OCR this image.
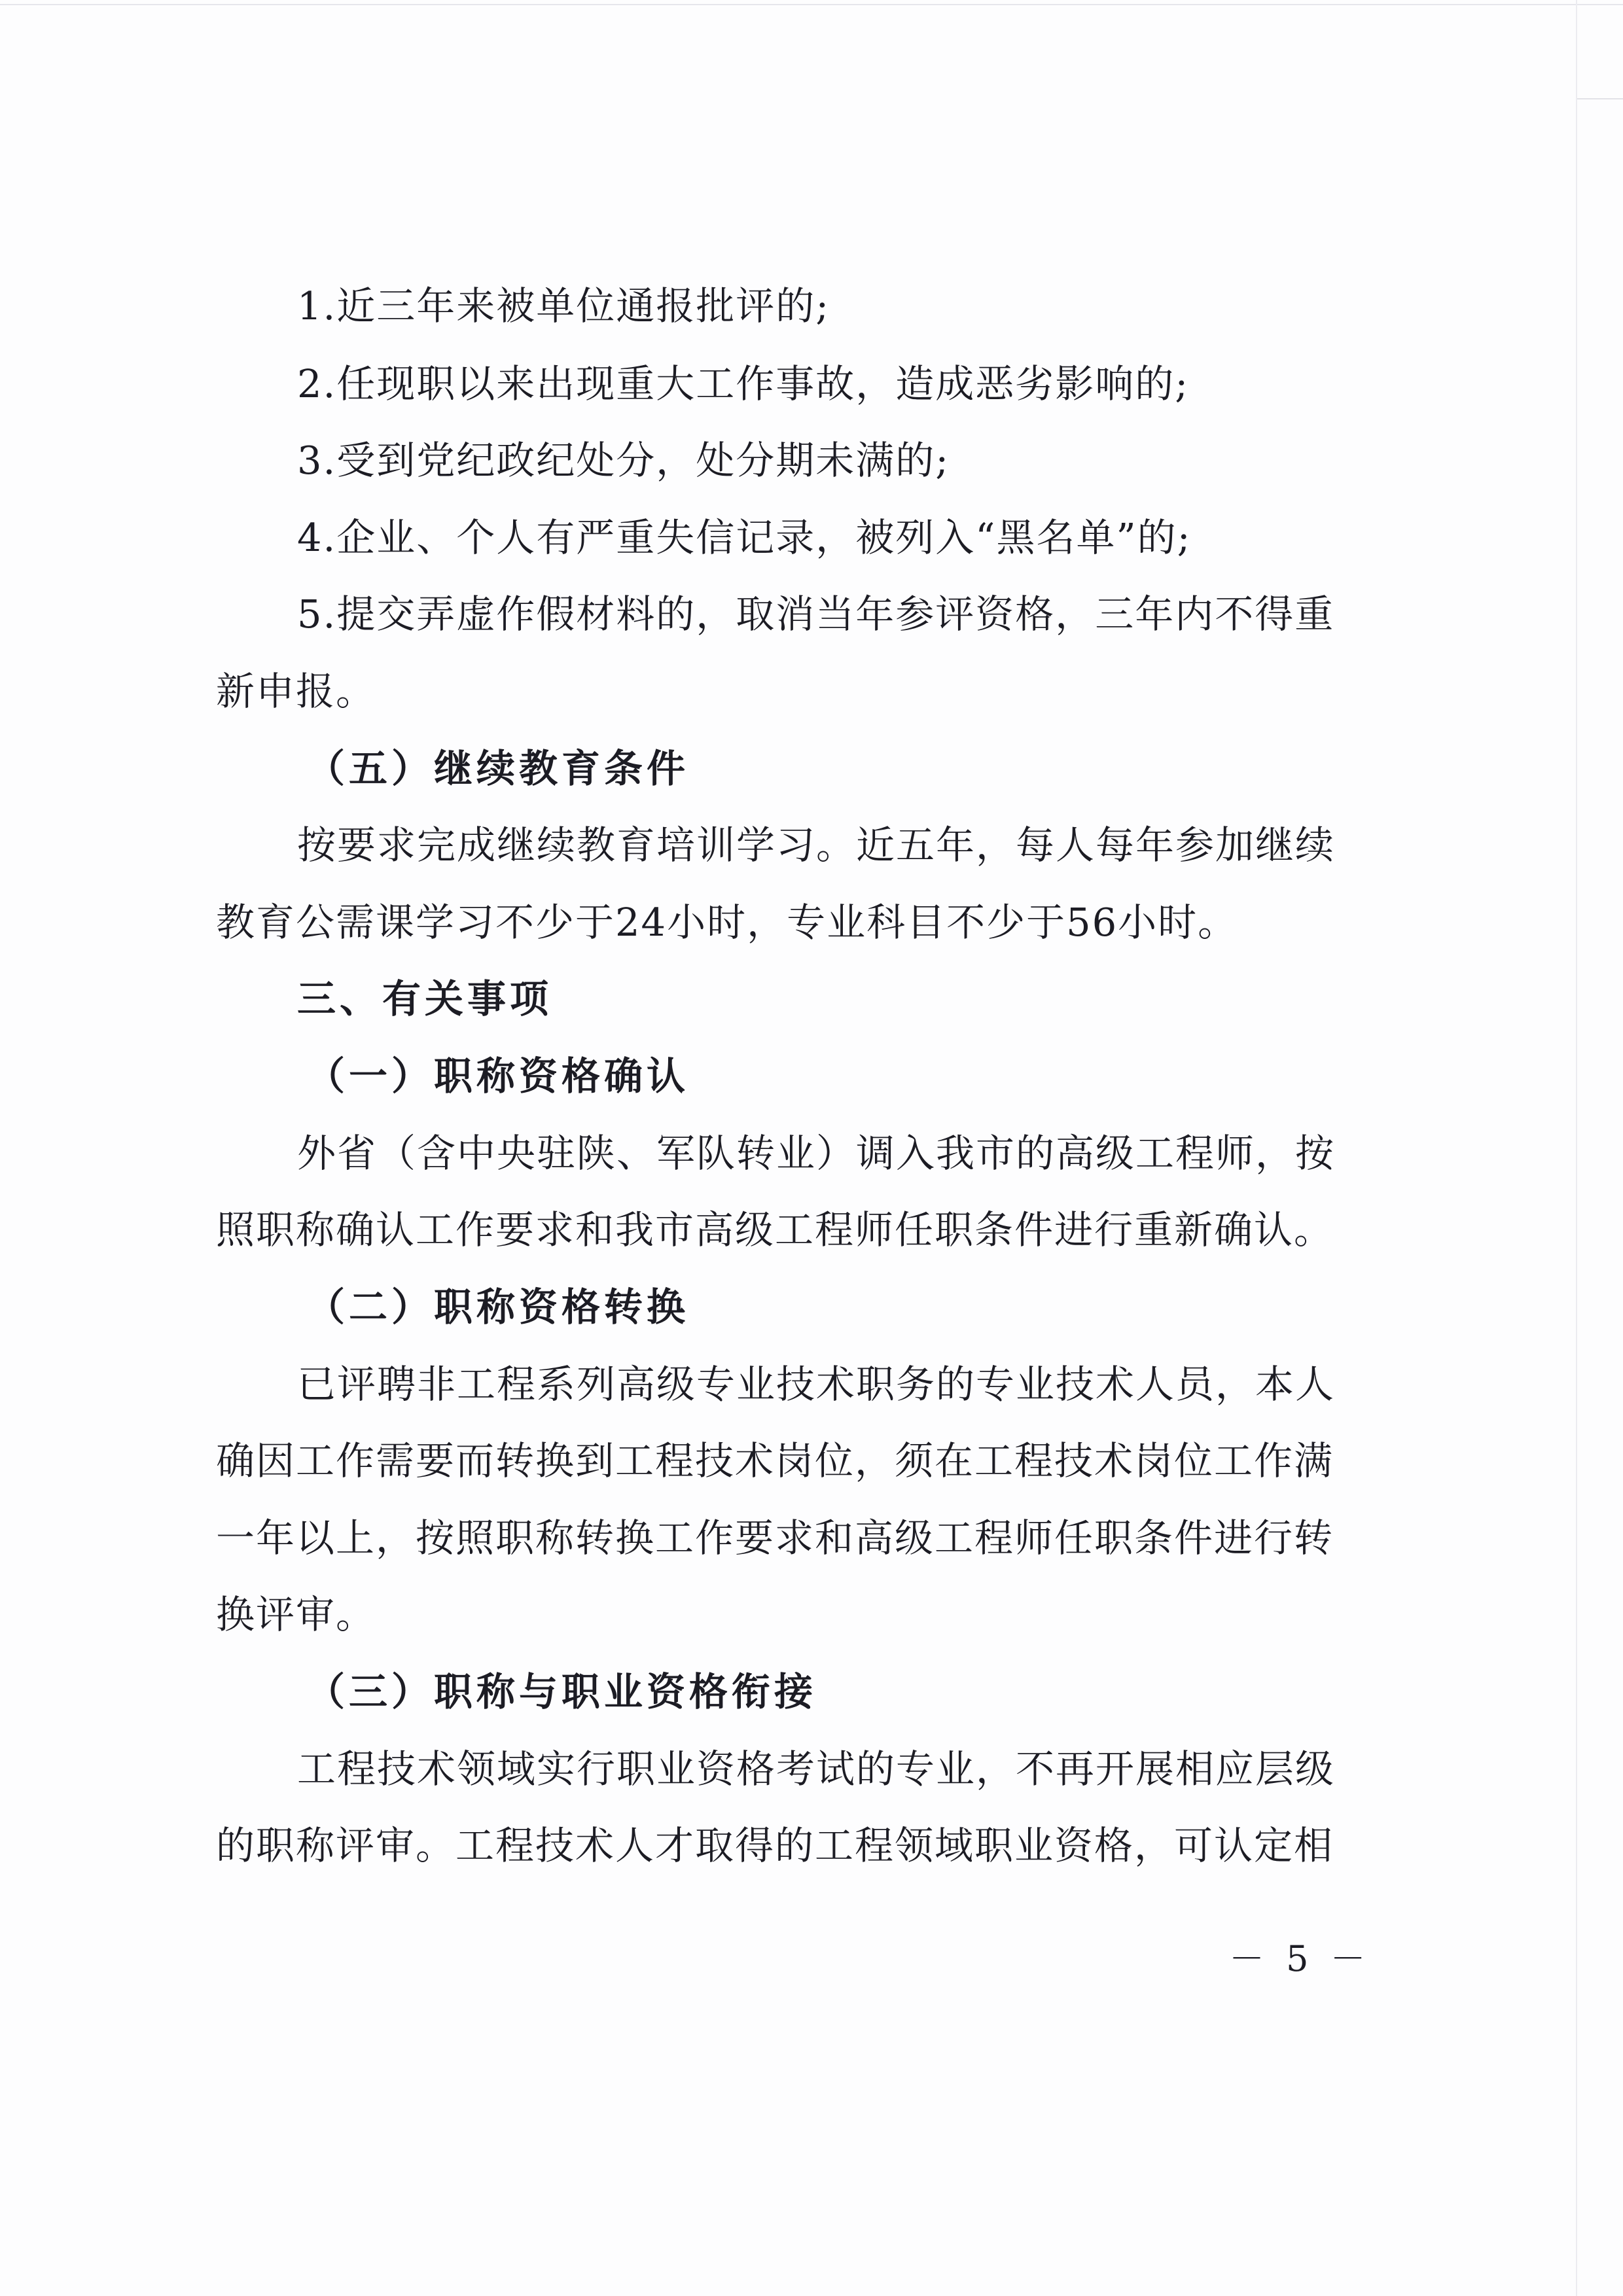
1.近三年来被单位通报批评的;
2.任现职以来出现重大工作事故，造成恶劣影响的;
3.受到党纪政纪处分，处分期未满的;
4.企业、个人有严重失信记录，被列入“黑名单”的;
5.提交弄虚作假材料的，取消当年参评资格，三年内不得重
新申报。
（五）继续教育条件
按要求完成继续教育培训学习。近五年，每人每年参加继续
教育公需课学习不少于24小时，专业科目不少于56小时。
三、有关事项
（一）职称资格确认
外省（含中央驻陕、军队转业）调入我市的高级工程师，按
照职称确认工作要求和我市高级工程师任职条件进行重新确认。
（二）职称资格转换
已评聘非工程系列高级专业技术职务的专业技术人员，本人
确因工作需要而转换到工程技术岗位，须在工程技术岗位工作满
一年以上，按照职称转换工作要求和高级工程师任职条件进行转
换评审。
（三）职称与职业资格衔接
工程技术领域实行职业资格考试的专业，不再开展相应层级
的职称评审。工程技术人才取得的工程领域职业资格，可认定相
－ 5 －
